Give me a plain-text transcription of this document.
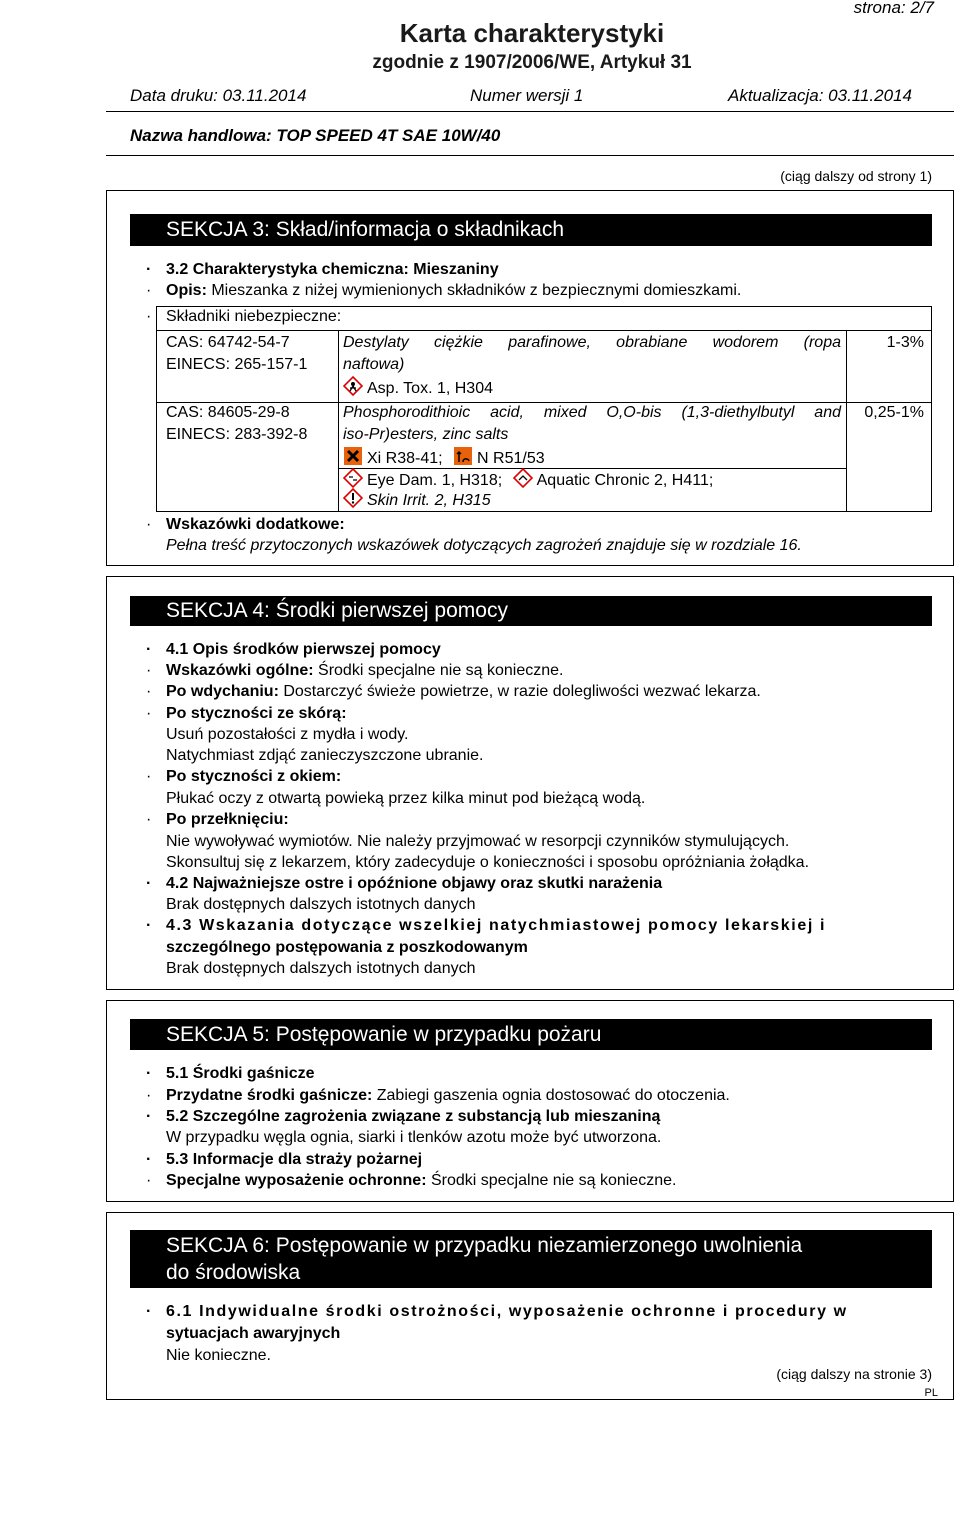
strona: 2/7
Karta charakterystyki
zgodnie z 1907/2006/WE, Artykuł 31
Data druku: 03.11.2014	Numer wersji 1	Aktualizacja: 03.11.2014
Nazwa handlowa: TOP SPEED 4T SAE 10W/40
(ciąg dalszy od strony 1)
SEKCJA 3: Skład/informacja o składnikach
· 3.2 Charakterystyka chemiczna: Mieszaniny
· Opis: Mieszanka z niżej wymienionych składników z bezpiecznymi domieszkami.
· Składniki niebezpieczne:
CAS: 64742-54-7
EINECS: 265-157-1
Destylaty ciężkie parafinowe, obrabiane wodorem (ropa
naftowa)
Asp. Tox. 1, H304
1-3%
CAS: 84605-29-8
EINECS: 283-392-8
Phosphorodithioic acid, mixed O,O-bis (1,3-diethylbutyl and
iso-Pr)esters, zinc salts
Xi R38-41; N R51/53
Eye Dam. 1, H318; Aquatic Chronic 2, H411;
Skin Irrit. 2, H315
0,25-1%
· Wskazówki dodatkowe:
Pełna treść przytoczonych wskazówek dotyczących zagrożeń znajduje się w rozdziale 16.
SEKCJA 4: Środki pierwszej pomocy
· 4.1 Opis środków pierwszej pomocy
· Wskazówki ogólne: Środki specjalne nie są konieczne.
· Po wdychaniu: Dostarczyć świeże powietrze, w razie dolegliwości wezwać lekarza.
· Po styczności ze skórą:
Usuń pozostałości z mydła i wody.
Natychmiast zdjąć zanieczyszczone ubranie.
· Po styczności z okiem:
Płukać oczy z otwartą powieką przez kilka minut pod bieżącą wodą.
· Po przełknięciu:
Nie wywoływać wymiotów. Nie należy przyjmować w resorpcji czynników stymulujących.
Skonsultuj się z lekarzem, który zadecyduje o konieczności i sposobu opróżniania żołądka.
· 4.2 Najważniejsze ostre i opóźnione objawy oraz skutki narażenia
Brak dostępnych dalszych istotnych danych
· 4.3 Wskazania dotyczące wszelkiej natychmiastowej pomocy lekarskiej i
szczególnego postępowania z poszkodowanym
Brak dostępnych dalszych istotnych danych
SEKCJA 5: Postępowanie w przypadku pożaru
· 5.1 Środki gaśnicze
· Przydatne środki gaśnicze: Zabiegi gaszenia ognia dostosować do otoczenia.
· 5.2 Szczególne zagrożenia związane z substancją lub mieszaniną
W przypadku węgla ognia, siarki i tlenków azotu może być utworzona.
· 5.3 Informacje dla straży pożarnej
· Specjalne wyposażenie ochronne: Środki specjalne nie są konieczne.
SEKCJA 6: Postępowanie w przypadku niezamierzonego uwolnienia
do środowiska
· 6.1 Indywidualne środki ostrożności, wyposażenie ochronne i procedury w
sytuacjach awaryjnych
Nie konieczne.
(ciąg dalszy na stronie 3)
PL
